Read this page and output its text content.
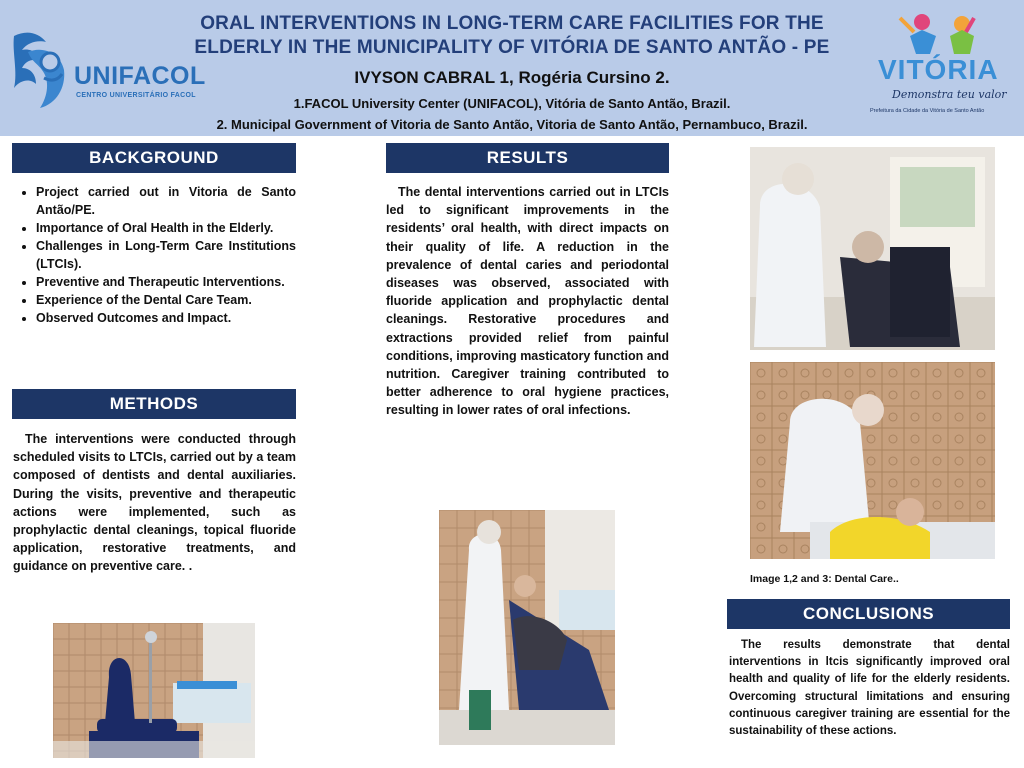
UNIFACOL
CENTRO UNIVERSITÁRIO FACOL
ORAL INTERVENTIONS IN LONG-TERM CARE FACILITIES FOR THE
ELDERLY IN THE MUNICIPALITY OF VITÓRIA DE SANTO ANTÃO - PE
IVYSON CABRAL 1, Rogéria Cursino 2.
1.FACOL University Center (UNIFACOL), Vitória de Santo Antão, Brazil.
2. Municipal Government of Vitoria de Santo Antão, Vitoria de Santo Antão, Pernambuco, Brazil.
VITÓRIA
Demonstra teu valor
Prefeitura da Cidade da Vitória de Santo Antão
BACKGROUND
• Project carried out in Vitoria de Santo Antão/PE.
• Importance of Oral Health in the Elderly.
• Challenges in Long-Term Care Institutions (LTCIs).
• Preventive and Therapeutic Interventions.
• Experience of the Dental Care Team.
• Observed Outcomes and Impact.
METHODS

The interventions were conducted through scheduled visits to LTCIs, carried out by a team composed of dentists and dental auxiliaries. During the visits, preventive and therapeutic actions were implemented, such as prophylactic dental cleanings, topical fluoride application, restorative treatments, and guidance on preventive care. .

RESULTS

The dental interventions carried out in LTCIs led to significant improvements in the residents’ oral health, with direct impacts on their quality of life. A reduction in the prevalence of dental caries and periodontal diseases was observed, associated with fluoride application and prophylactic dental cleanings. Restorative procedures and extractions provided relief from painful conditions, improving masticatory function and nutrition. Caregiver training contributed to better adherence to oral hygiene practices, resulting in lower rates of oral infections.

Image 1,2 and 3: Dental Care..
CONCLUSIONS

The results demonstrate that dental interventions in ltcis significantly improved oral health and quality of life for the elderly residents. Overcoming structural limitations and ensuring continuous caregiver training are essential for the sustainability of these actions.
